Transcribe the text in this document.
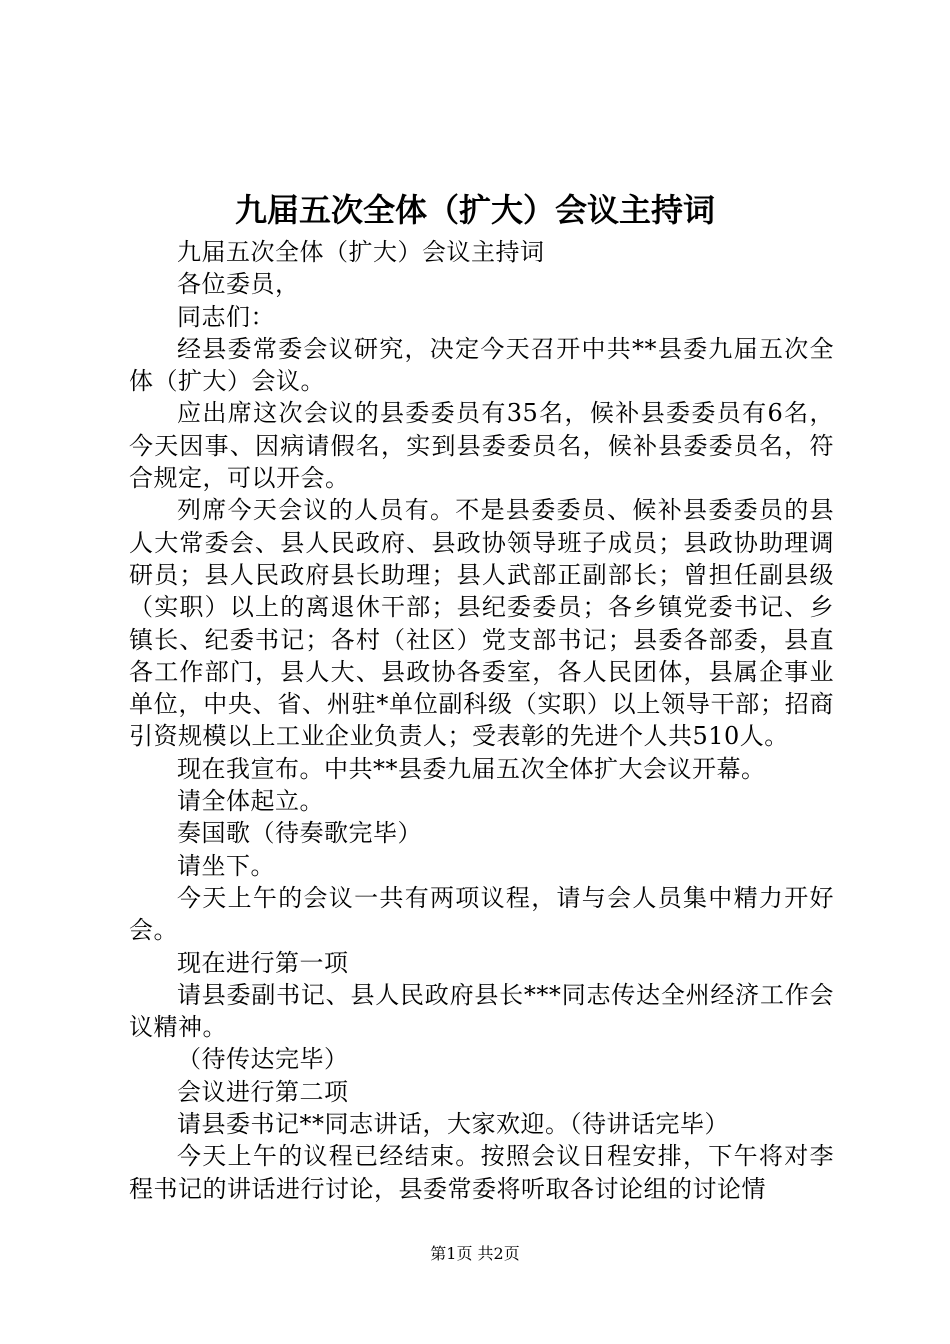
九届五次全体（扩大）会议主持词

九届五次全体（扩大）会议主持词

各位委员，

同志们：

经县委常委会议研究，决定今天召开中共**县委九届五次全体（扩大）会议。

应出席这次会议的县委委员有35名，候补县委委员有6名，今天因事、因病请假名，实到县委委员名，候补县委委员名，符合规定，可以开会。

列席今天会议的人员有。不是县委委员、候补县委委员的县人大常委会、县人民政府、县政协领导班子成员；县政协助理调研员；县人民政府县长助理；县人武部正副部长；曾担任副县级（实职）以上的离退休干部；县纪委委员；各乡镇党委书记、乡镇长、纪委书记；各村（社区）党支部书记；县委各部委，县直各工作部门，县人大、县政协各委室，各人民团体，县属企事业单位，中央、省、州驻*单位副科级（实职）以上领导干部；招商引资规模以上工业企业负责人；受表彰的先进个人共510人。

现在我宣布。中共**县委九届五次全体扩大会议开幕。

请全体起立。

奏国歌（待奏歌完毕）

请坐下。

今天上午的会议一共有两项议程，请与会人员集中精力开好会。

现在进行第一项

请县委副书记、县人民政府县长***同志传达全州经济工作会议精神。

（待传达完毕）

会议进行第二项

请县委书记**同志讲话，大家欢迎。（待讲话完毕）

今天上午的议程已经结束。按照会议日程安排，下午将对李程书记的讲话进行讨论，县委常委将听取各讨论组的讨论情

第1页 共2页
